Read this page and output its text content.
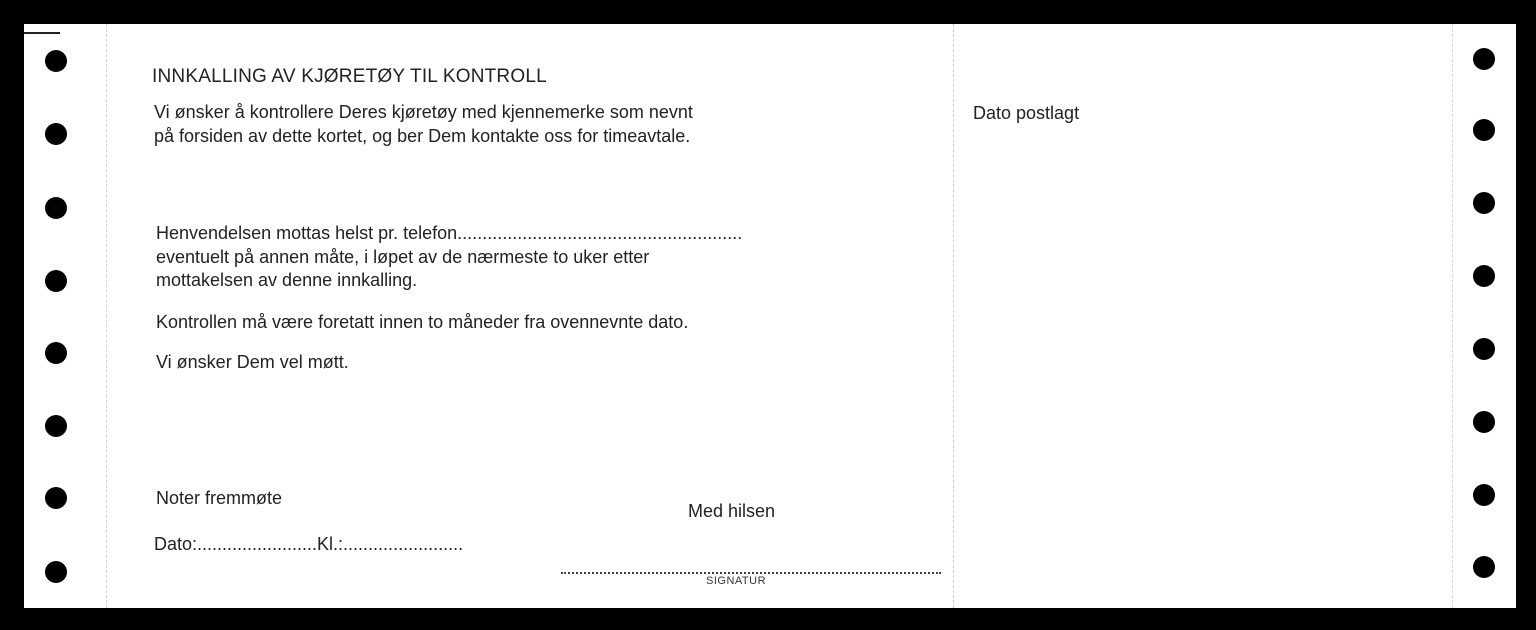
INNKALLING AV KJØRETØY TIL KONTROLL
Vi ønsker å kontrollere Deres kjøretøy med kjennemerke som nevnt
på forsiden av dette kortet, og ber Dem kontakte oss for timeavtale.
Henvendelsen mottas helst pr. telefon.........................................................
eventuelt på annen måte, i løpet av de nærmeste to uker etter
mottakelsen av denne innkalling.
Kontrollen må være foretatt innen to måneder fra ovennevnte dato.
Vi ønsker Dem vel møtt.
Noter fremmøte
Dato:........................Kl.:........................
Med hilsen
SIGNATUR
Dato postlagt
